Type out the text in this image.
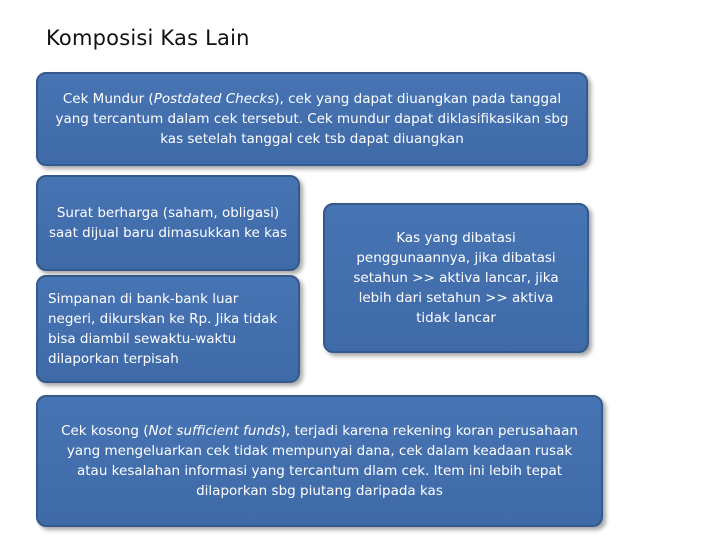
Komposisi Kas Lain
Cek Mundur (Postdated Checks), cek yang dapat diuangkan pada tanggal yang tercantum dalam cek tersebut. Cek mundur dapat diklasifikasikan sbg kas setelah tanggal cek tsb dapat diuangkan
Surat berharga (saham, obligasi) saat dijual baru dimasukkan ke kas
Simpanan di bank-bank luar negeri, dikurskan ke Rp. Jika tidak bisa diambil sewaktu-waktu dilaporkan terpisah
Kas yang dibatasi penggunaannya, jika dibatasi setahun >> aktiva lancar, jika lebih dari setahun >> aktiva tidak lancar
Cek kosong (Not sufficient funds), terjadi karena rekening koran perusahaan yang mengeluarkan cek tidak mempunyai dana, cek dalam keadaan rusak atau kesalahan informasi yang tercantum dlam cek. Item ini lebih tepat dilaporkan sbg piutang daripada kas
